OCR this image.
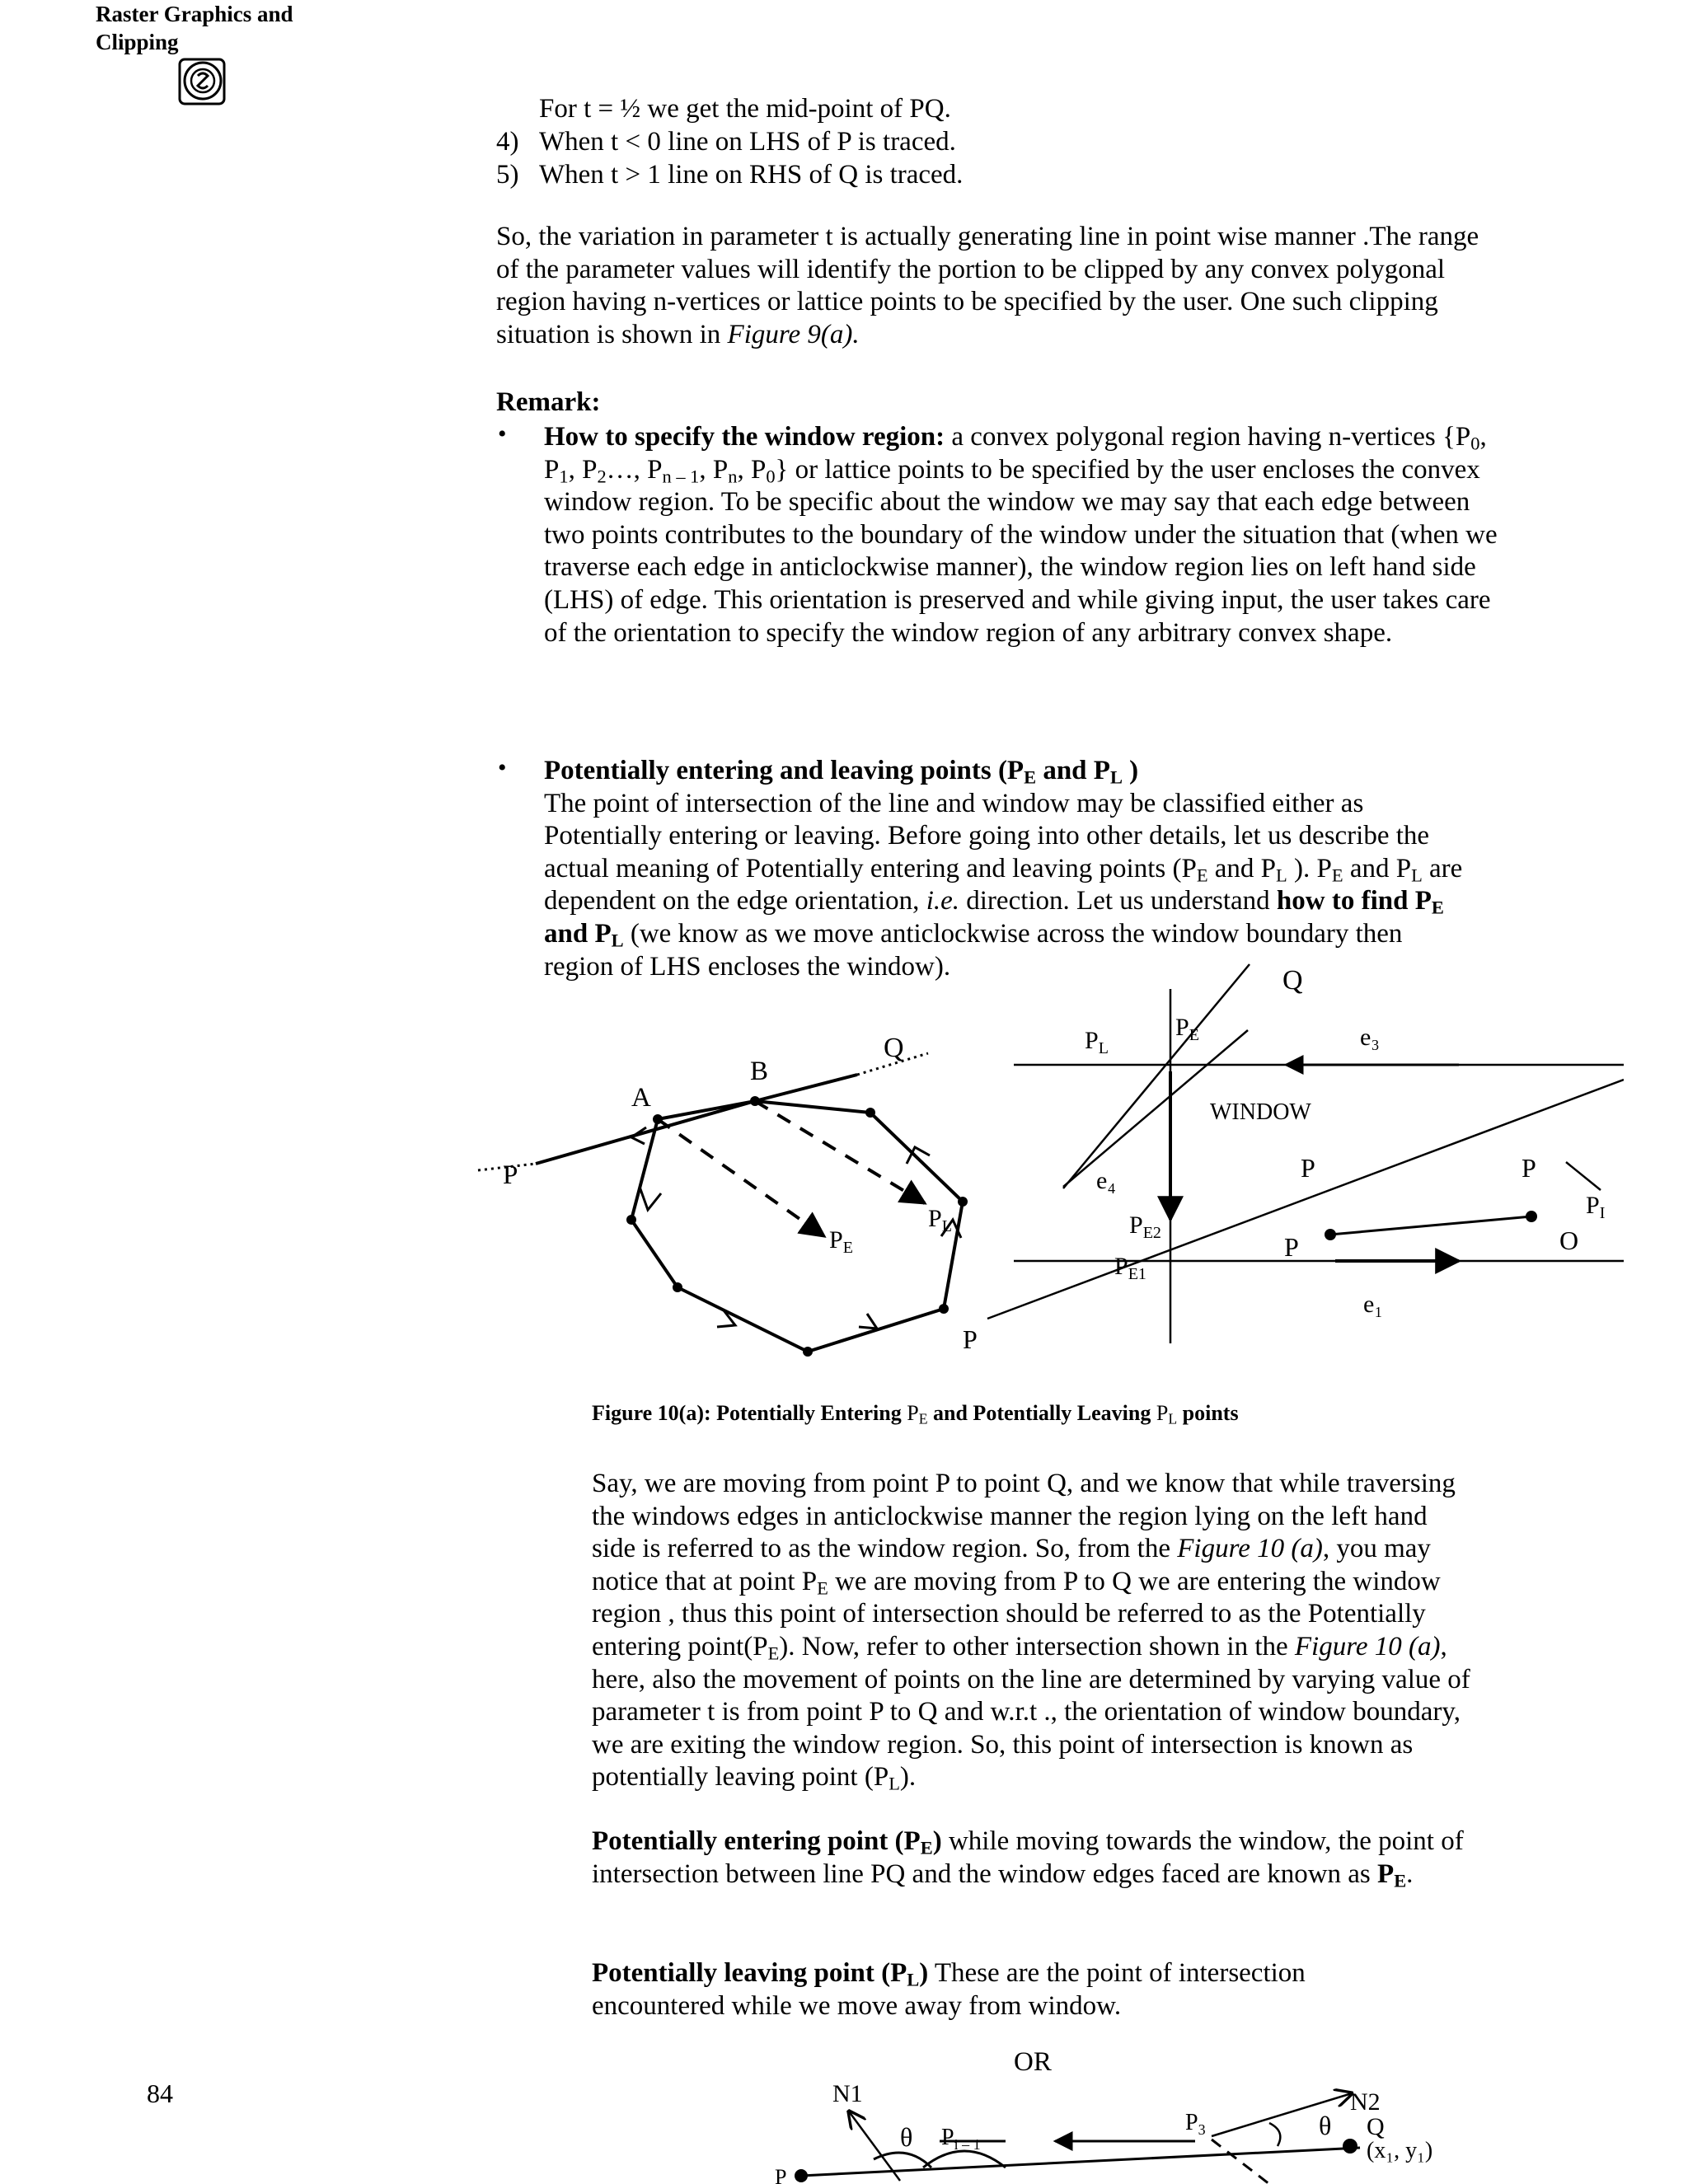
Raster Graphics and
Clipping
For t = ½ we get the mid-point of PQ.
4) When t < 0 line on LHS of P is traced.
5) When t > 1 line on RHS of Q is traced.
So, the variation in parameter t is actually generating line in point wise manner .The range of the parameter values will identify the portion to be clipped by any convex polygonal region having n-vertices or lattice points to be specified by the user. One such clipping situation is shown in Figure 9(a).
Remark:
• How to specify the window region: a convex polygonal region having n-vertices {$P_0$, $P_1$, $P_2\dots$, $P_{n - 1}$, $P_n$, $P_0$} or lattice points to be specified by the user encloses the convex window region. To be specific about the window we may say that each edge between two points contributes to the boundary of the window under the situation that (when we traverse each edge in anticlockwise manner), the window region lies on left hand side (LHS) of edge. This orientation is preserved and while giving input, the user takes care of the orientation to specify the window region of any arbitrary convex shape.
• Potentially entering and leaving points ($P_E$ and $P_L$ )
The point of intersection of the line and window may be classified either as Potentially entering or leaving. Before going into other details, let us describe the actual meaning of Potentially entering and leaving points ($P_E$ and $P_L$ ). $P_E$ and $P_L$ are dependent on the edge orientation, i.e. direction. Let us understand how to find $P_E$ and $P_L$ (we know as we move anticlockwise across the window boundary then region of LHS encloses the window).
A
B
Q
P
$P_E$
$P_L$
Q
$P_L$
$P_E$	e₃
WINDOW
P
e₄
$P_{E2}$
$P_{E1}$
P
e₁
P
P
$P_I$
O
Figure 10(a): Potentially Entering $P_E$ and Potentially Leaving $P_L$ points
Say, we are moving from point P to point Q, and we know that while traversing the windows edges in anticlockwise manner the region lying on the left hand side is referred to as the window region. So, from the Figure 10 (a), you may notice that at point $P_E$ we are moving from P to Q we are entering the window region , thus this point of intersection should be referred to as the Potentially entering $point(P_E)$. Now, refer to other intersection shown in the Figure 10 (a), here, also the movement of points on the line are determined by varying value of parameter t is from point P to Q and w.r.t ., the orientation of window boundary, we are exiting the window region. So, this point of intersection is known as potentially leaving point $(P_L)$.
Potentially entering point $(P_E)$ while moving towards the window, the point of intersection between line PQ and the window edges faced are known as $P_E$.
Potentially leaving point $(P_L)$ These are the point of intersection encountered while we move away from window.
84
OR
N1	N2
θ	θ
$P_{i - 1}$
$P_3$	Q
(x₁, y₁)
P
